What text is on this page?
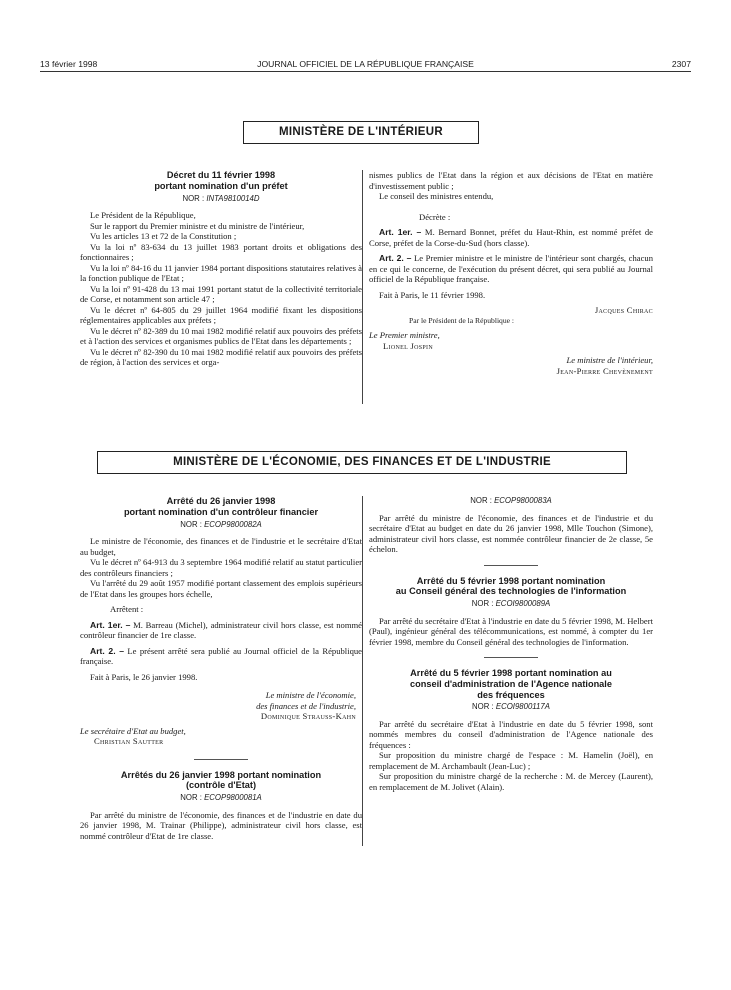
13 février 1998	JOURNAL OFFICIEL DE LA RÉPUBLIQUE FRANÇAISE	2307
MINISTÈRE DE L'INTÉRIEUR
Décret du 11 février 1998
portant nomination d'un préfet
NOR : INTA9810014D

Le Président de la République,

Sur le rapport du Premier ministre et du ministre de l'intérieur,

Vu les articles 13 et 72 de la Constitution ;

Vu la loi nº 83-634 du 13 juillet 1983 portant droits et obligations des fonctionnaires ;

Vu la loi nº 84-16 du 11 janvier 1984 portant dispositions statutaires relatives à la fonction publique de l'Etat ;

Vu la loi nº 91-428 du 13 mai 1991 portant statut de la collectivité territoriale de Corse, et notamment son article 47 ;

Vu le décret nº 64-805 du 29 juillet 1964 modifié fixant les dispositions réglementaires applicables aux préfets ;

Vu le décret nº 82-389 du 10 mai 1982 modifié relatif aux pouvoirs des préfets et à l'action des services et organismes publics de l'Etat dans les départements ;

Vu le décret nº 82-390 du 10 mai 1982 modifié relatif aux pouvoirs des préfets de région, à l'action des services et orga-

nismes publics de l'Etat dans la région et aux décisions de l'Etat en matière d'investissement public ;

Le conseil des ministres entendu,

Décrète :

Art. 1er. – M. Bernard Bonnet, préfet du Haut-Rhin, est nommé préfet de Corse, préfet de la Corse-du-Sud (hors classe).

Art. 2. – Le Premier ministre et le ministre de l'intérieur sont chargés, chacun en ce qui le concerne, de l'exécution du présent décret, qui sera publié au Journal officiel de la République française.

Fait à Paris, le 11 février 1998.

Jacques Chirac

Par le Président de la République :

Le Premier ministre,

Lionel Jospin

Le ministre de l'intérieur,

Jean-Pierre Chevènement

MINISTÈRE DE L'ÉCONOMIE, DES FINANCES ET DE L'INDUSTRIE
Arrêté du 26 janvier 1998
portant nomination d'un contrôleur financier
NOR : ECOP9800082A

Le ministre de l'économie, des finances et de l'industrie et le secrétaire d'Etat au budget,

Vu le décret nº 64-913 du 3 septembre 1964 modifié relatif au statut particulier des contrôleurs financiers ;

Vu l'arrêté du 29 août 1957 modifié portant classement des emplois supérieurs de l'Etat dans les groupes hors échelle,

Arrêtent :

Art. 1er. – M. Barreau (Michel), administrateur civil hors classe, est nommé contrôleur financier de 1re classe.

Art. 2. – Le présent arrêté sera publié au Journal officiel de la République française.

Fait à Paris, le 26 janvier 1998.

Le ministre de l'économie,

des finances et de l'industrie,

Dominique Strauss-Kahn

Le secrétaire d'Etat au budget,

Christian Sautter

Arrêtés du 26 janvier 1998 portant nomination
(contrôle d'Etat)
NOR : ECOP9800081A

Par arrêté du ministre de l'économie, des finances et de l'industrie en date du 26 janvier 1998, M. Trainar (Philippe), administrateur civil hors classe, est nommé contrôleur d'Etat de 1re classe.

NOR : ECOP9800083A

Par arrêté du ministre de l'économie, des finances et de l'industrie et du secrétaire d'Etat au budget en date du 26 janvier 1998, Mlle Touchon (Simone), administrateur civil hors classe, est nommée contrôleur financier de 2e classe, 5e échelon.

Arrêté du 5 février 1998 portant nomination
au Conseil général des technologies de l'information
NOR : ECOI9800089A

Par arrêté du secrétaire d'Etat à l'industrie en date du 5 février 1998, M. Helbert (Paul), ingénieur général des télécommunications, est nommé, à compter du 1er février 1998, membre du Conseil général des technologies de l'information.

Arrêté du 5 février 1998 portant nomination au
conseil d'administration de l'Agence nationale
des fréquences
NOR : ECOI9800117A

Par arrêté du secrétaire d'Etat à l'industrie en date du 5 février 1998, sont nommés membres du conseil d'administration de l'Agence nationale des fréquences :

Sur proposition du ministre chargé de l'espace : M. Hamelin (Joël), en remplacement de M. Archambault (Jean-Luc) ;

Sur proposition du ministre chargé de la recherche : M. de Mercey (Laurent), en remplacement de M. Jolivet (Alain).
